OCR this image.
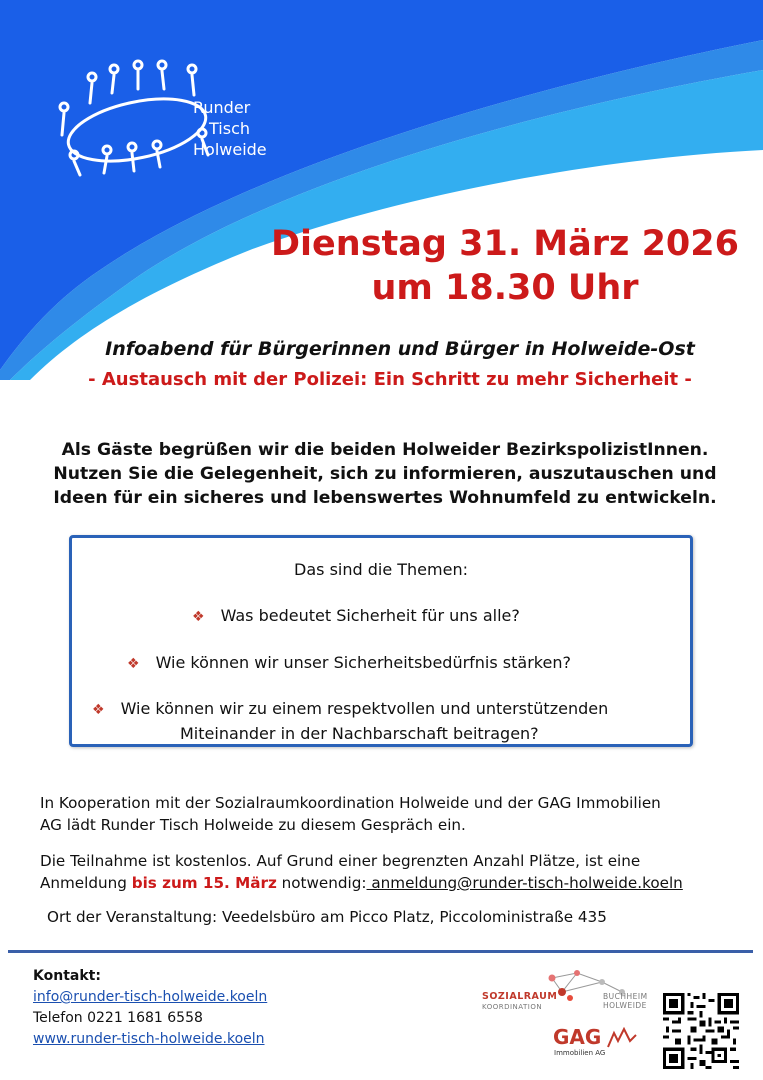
Runder
Tisch
Holweide
Dienstag 31. März 2026
um 18.30 Uhr
Infoabend für Bürgerinnen und Bürger in Holweide-Ost
- Austausch mit der Polizei: Ein Schritt zu mehr Sicherheit -
Als Gäste begrüßen wir die beiden Holweider BezirkspolizistInnen.
Nutzen Sie die Gelegenheit, sich zu informieren, auszutauschen und
Ideen für ein sicheres und lebenswertes Wohnumfeld zu entwickeln.
Das sind die Themen:
❖ Was bedeutet Sicherheit für uns alle?
❖ Wie können wir unser Sicherheitsbedürfnis stärken?
❖ Wie können wir zu einem respektvollen und unterstützenden
Miteinander in der Nachbarschaft beitragen?
In Kooperation mit der Sozialraumkoordination Holweide und der GAG Immobilien
AG lädt Runder Tisch Holweide zu diesem Gespräch ein.
Die Teilnahme ist kostenlos. Auf Grund einer begrenzten Anzahl Plätze, ist eine
Anmeldung bis zum 15. März notwendig: anmeldung@runder-tisch-holweide.koeln
Ort der Veranstaltung: Veedelsbüro am Picco Platz, Piccoloministraße 435
Kontakt:
info@runder-tisch-holweide.koeln
Telefon 0221 1681 6558
www.runder-tisch-holweide.koeln
SOZIALRAUM
KOORDINATION
BUCHHEIM
HOLWEIDE
GAG
Immobilien AG
